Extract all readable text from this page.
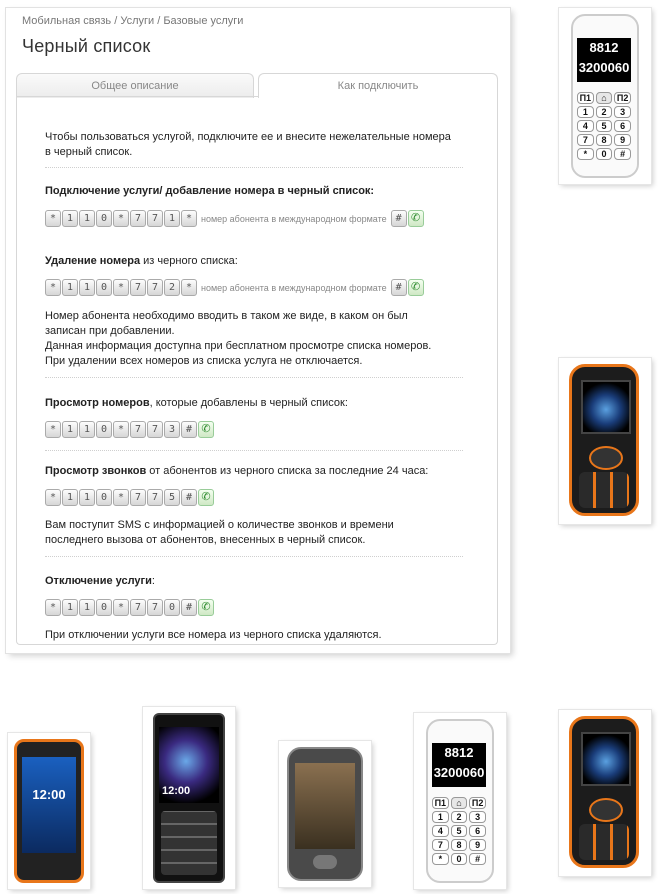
Мобильная связь / Услуги / Базовые услуги
Черный список
Общее описание	Как подключить
Чтобы пользоваться услугой, подключите ее и внесите нежелательные номера в черный список.
Подключение услуги/ добавление номера в черный список:
*	1	1	0	*	7	7	1	* номер абонента в международном формате # ✆
Удаление номера из черного списка:
*	1	1	0	*	7	7	2	* номер абонента в международном формате # ✆
Номер абонента необходимо вводить в таком же виде, в каком он был
записан при добавлении.
Данная информация доступна при бесплатном просмотре списка номеров.
При удалении всех номеров из списка услуга не отключается.
Просмотр номеров, которые добавлены в черный список:
*	1	1	0	*	7	7	3	# ✆
Просмотр звонков от абонентов из черного списка за последние 24 часа:
*	1	1	0	*	7	7	5	# ✆
Вам поступит SMS с информацией о количестве звонков и времени
последнего вызова от абонентов, внесенных в черный список.
Отключение услуги:
*	1	1	0	*	7	7	0	# ✆
При отключении услуги все номера из черного списка удаляются.
8812
3200060
П1	⌂	П2
1	2	3
4	5	6
7	8	9
*	0	#
12:00	12:00
8812
3200060
П1	⌂	П2
1	2	3
4	5	6
7	8	9
*	0	#
